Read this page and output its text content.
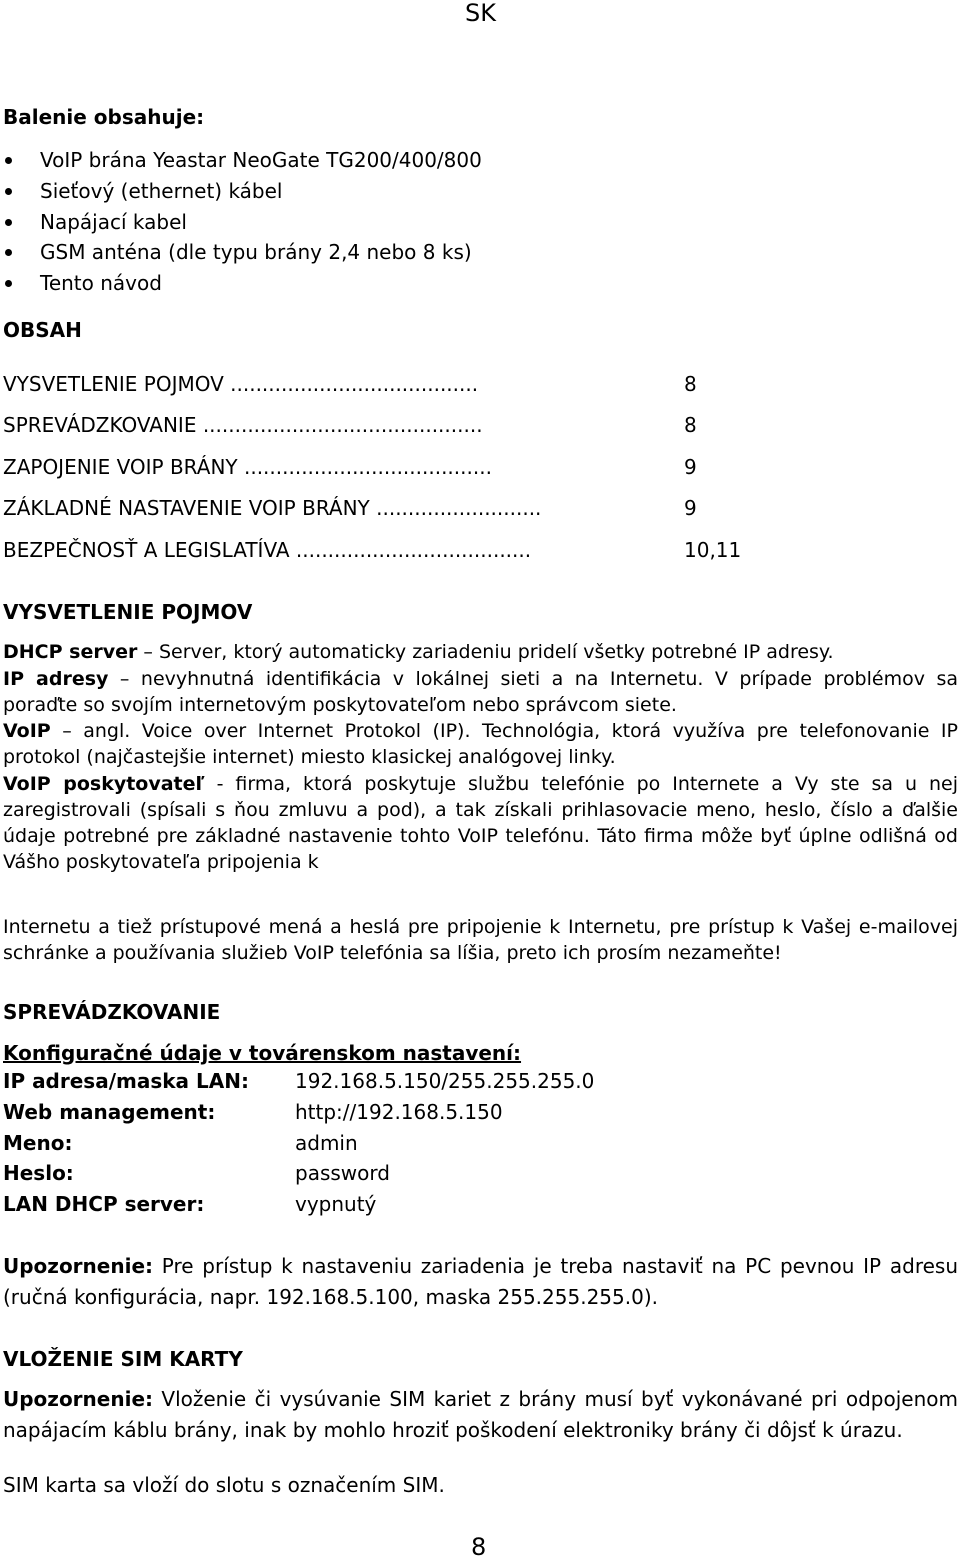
SK
Balenie obsahuje:
VoIP brána Yeastar NeoGate TG200/400/800
Sieťový (ethernet) kábel
Napájací kabel
GSM anténa (dle typu brány 2,4 nebo 8 ks)
Tento návod
OBSAH
VYSVETLENIE POJMOV .......................................	8
SPREVÁDZKOVANIE ............................................	8
ZAPOJENIE VOIP BRÁNY .......................................	9
ZÁKLADNÉ NASTAVENIE VOIP BRÁNY ..........................	9
BEZPEČNOSŤ A LEGISLATÍVA .....................................	10,11
VYSVETLENIE POJMOV
DHCP server – Server, ktorý automaticky zariadeniu pridelí všetky potrebné IP adresy.
IP adresy – nevyhnutná identifikácia v lokálnej sieti a na Internetu. V prípade problémov sa poraďte so svojím internetovým poskytovateľom nebo správcom siete.
VoIP – angl. Voice over Internet Protokol (IP). Technológia, ktorá využíva pre telefonovanie IP protokol (najčastejšie internet) miesto klasickej analógovej linky.
VoIP poskytovateľ - firma, ktorá poskytuje službu telefónie po Internete a Vy ste sa u nej zaregistrovali (spísali s ňou zmluvu a pod), a tak získali prihlasovacie meno, heslo, číslo a ďalšie údaje potrebné pre základné nastavenie tohto VoIP telefónu. Táto firma môže byť úplne odlišná od Vášho poskytovateľa pripojenia k
Internetu a tiež prístupové mená a heslá pre pripojenie k Internetu, pre prístup k Vašej e-mailovej schránke a používania služieb VoIP telefónia sa líšia, preto ich prosím nezameňte!
SPREVÁDZKOVANIE
Konfiguračné údaje v továrenskom nastavení:
IP adresa/maska LAN: 192.168.5.150/255.255.255.0
Web management:	http://192.168.5.150
Meno:	admin
Heslo:	password
LAN DHCP server:	vypnutý
Upozornenie: Pre prístup k nastaveniu zariadenia je treba nastaviť na PC pevnou IP adresu (ručná konfigurácia, napr. 192.168.5.100, maska 255.255.255.0).
VLOŽENIE SIM KARTY
Upozornenie: Vloženie či vysúvanie SIM kariet z brány musí byť vykonávané pri odpojenom napájacím káblu brány, inak by mohlo hroziť poškodení elektroniky brány či dôjsť k úrazu.
SIM karta sa vloží do slotu s označením SIM.
8
